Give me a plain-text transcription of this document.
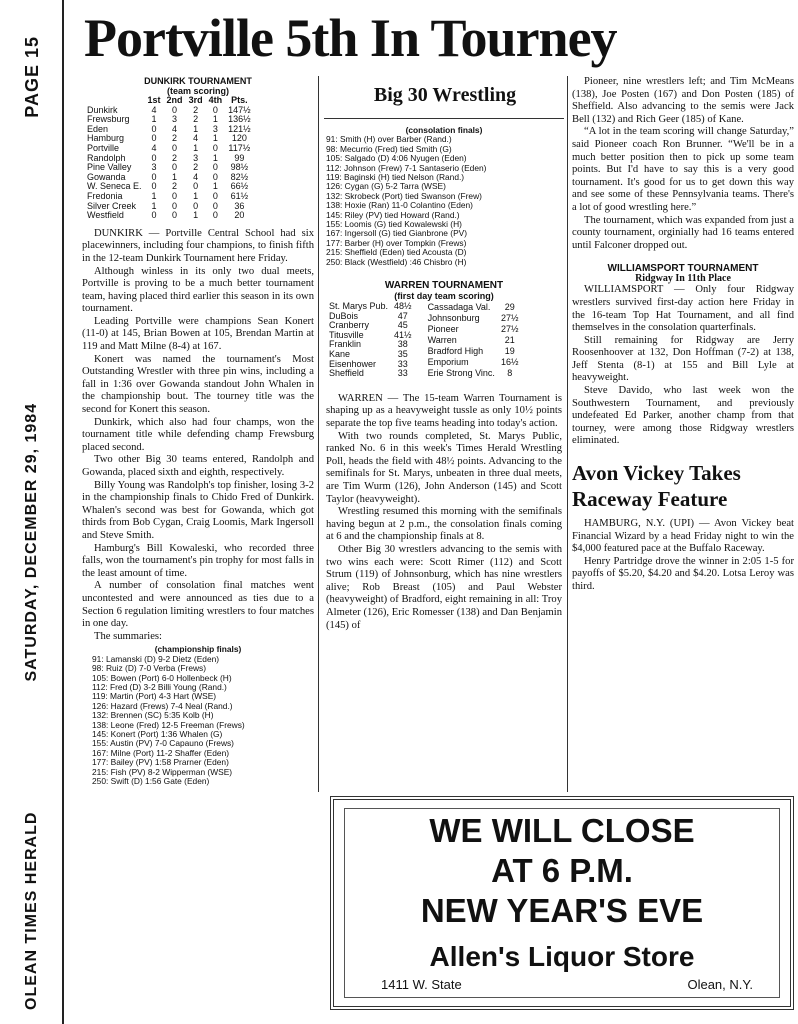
OLEAN TIMES HERALD
SATURDAY, DECEMBER 29, 1984
PAGE 15 Portville 5th In Tourney
DUNKIRK TOURNAMENT
(team scoring)
	1st	2nd	3rd	4th	Pts.
Dunkirk	4	0	2	0	147½
Frewsburg	1	3	2	1	136½
Eden	0	4	1	3	121½
Hamburg	0	2	4	1	120
Portville	4	0	1	0	117½
Randolph	0	2	3	1	99
Pine Valley	3	0	2	0	98½
Gowanda	0	1	4	0	82½
W. Seneca E.	0	2	0	1	66½
Fredonia	1	0	1	0	61½
Silver Creek	1	0	0	0	36
Westfield	0	0	1	0	20

DUNKIRK — Portville Central School had six placewinners, including four champions, to finish fifth in the 12-team Dunkirk Tournament here Friday.

Although winless in its only two dual meets, Portville is proving to be a much better tournament team, having placed third earlier this season in its own tournament.

Leading Portville were champions Sean Konert (11-0) at 145, Brian Bowen at 105, Brendan Martin at 119 and Matt Milne (8-4) at 167.

Konert was named the tournament's Most Outstanding Wrestler with three pin wins, including a fall in 1:36 over Gowanda standout John Whalen in the championship bout. The tourney title was the second for Konert this season.

Dunkirk, which also had four champs, won the tournament title while defending champ Frewsburg placed second.

Two other Big 30 teams entered, Randolph and Gowanda, placed sixth and eighth, respectively.

Billy Young was Randolph's top finisher, losing 3-2 in the championship finals to Chido Fred of Dunkirk. Whalen's second was best for Gowanda, which got thirds from Bob Cygan, Craig Loomis, Mark Ingersoll and Steve Smith.

Hamburg's Bill Kowaleski, who recorded three falls, won the tournament's pin trophy for most falls in the least amount of time.

A number of consolation final matches went uncontested and were announced as ties due to a Section 6 regulation limiting wrestlers to four matches in one day.

The summaries:

(championship finals)
91: Lamanski (D) 9-2 Dietz (Eden)
98: Ruiz (D) 7-0 Verba (Frews)
105: Bowen (Port) 6-0 Hollenbeck (H)
112: Fred (D) 3-2 Billi Young (Rand.)
119: Martin (Port) 4-3 Hart (WSE)
126: Hazard (Frews) 7-4 Neal (Rand.)
132: Brennen (SC) 5:35 Kolb (H)
138: Leone (Fred) 12-5 Freeman (Frews)
145: Konert (Port) 1:36 Whalen (G)
155: Austin (PV) 7-0 Capauno (Frews)
167: Milne (Port) 11-2 Shaffer (Eden)
177: Bailey (PV) 1:58 Prarner (Eden)
215: Fish (PV) 8-2 Wipperman (WSE)
250: Swift (D) 1:56 Gate (Eden)
Big 30 Wrestling
(consolation finals)
91: Smith (H) over Barber (Rand.)
98: Mecurrio (Fred) tied Smith (G)
105: Salgado (D) 4:06 Nyugen (Eden)
112: Johnson (Frew) 7-1 Santaserio (Eden)
119: Baginski (H) tied Nelson (Rand.)
126: Cygan (G) 5-2 Tarra (WSE)
132: Skrobeck (Port) tied Swanson (Frew)
138: Hoxie (Ran) 11-0 Colantino (Eden)
145: Riley (PV) tied Howard (Rand.)
155: Loomis (G) tied Kowalewski (H)
167: Ingersoll (G) tied Gianbrone (PV)
177: Barber (H) over Tompkin (Frews)
215: Sheffield (Eden) tied Acousta (D)
250: Black (Westfield) :46 Chisbro (H)
WARREN TOURNAMENT
(first day team scoring)
St. Marys Pub.	48½
DuBois	47
Cranberry	45
Titusville	41½
Franklin	38
Kane	35
Eisenhower	33
Sheffield	33
Cassadaga Val.	29
Johnsonburg	27½
Pioneer	27½
Warren	21
Bradford High	19
Emporium	16½
Erie Strong Vinc.	8

WARREN — The 15-team Warren Tournament is shaping up as a heavyweight tussle as only 10½ points separate the top five teams heading into today's action.

With two rounds completed, St. Marys Public, ranked No. 6 in this week's Times Herald Wrestling Poll, heads the field with 48½ points. Advancing to the semifinals for St. Marys, unbeaten in three dual meets, are Tim Wurm (126), John Anderson (145) and Scott Taylor (heavyweight).

Wrestling resumed this morning with the semifinals having begun at 2 p.m., the consolation finals coming at 6 and the championship finals at 8.

Other Big 30 wrestlers advancing to the semis with two wins each were: Scott Rimer (112) and Scott Strum (119) of Johnsonburg, which has nine wrestlers alive; Rob Breast (105) and Paul Webster (heavyweight) of Bradford, eight remaining in all: Troy Almeter (126), Eric Romesser (138) and Dan Benjamin (145) of

Pioneer, nine wrestlers left; and Tim McMeans (138), Joe Posten (167) and Don Posten (185) of Sheffield. Also advancing to the semis were Jack Bell (132) and Rich Geer (185) of Kane.

“A lot in the team scoring will change Saturday,” said Pioneer coach Ron Brunner. “We'll be in a much better position then to pick up some team points. But I'd have to say this is a very good tournament. It's good for us to get down this way and see some of these Pennsylvania teams. There's a lot of good wrestling here.”

The tournament, which was expanded from just a county tournament, orginially had 16 teams entered until Falconer dropped out.

WILLIAMSPORT TOURNAMENT
Ridgway In 11th Place

WILLIAMSPORT — Only four Ridgway wrestlers survived first-day action here Friday in the 16-team Top Hat Tournament, and all find themselves in the consolation quarterfinals.

Still remaining for Ridgway are Jerry Roosenhoover at 132, Don Hoffman (7-2) at 138, Jeff Stenta (8-1) at 155 and Bill Lyle at heavyweight.

Steve Davido, who last week won the Southwestern Tournament, and previously undefeated Ed Parker, another champ from that tourney, were among those Ridgway wrestlers eliminated.

Avon Vickey Takes Raceway Feature

HAMBURG, N.Y. (UPI) — Avon Vickey beat Financial Wizard by a head Friday night to win the $4,000 featured pace at the Buffalo Raceway.

Henry Partridge drove the winner in 2:05 1-5 for payoffs of $5.20, $4.20 and $4.20. Lotsa Leroy was third.

WE WILL CLOSE
AT 6 P.M.
NEW YEAR'S EVE
Allen's Liquor Store
1411 W. State	Olean, N.Y.
